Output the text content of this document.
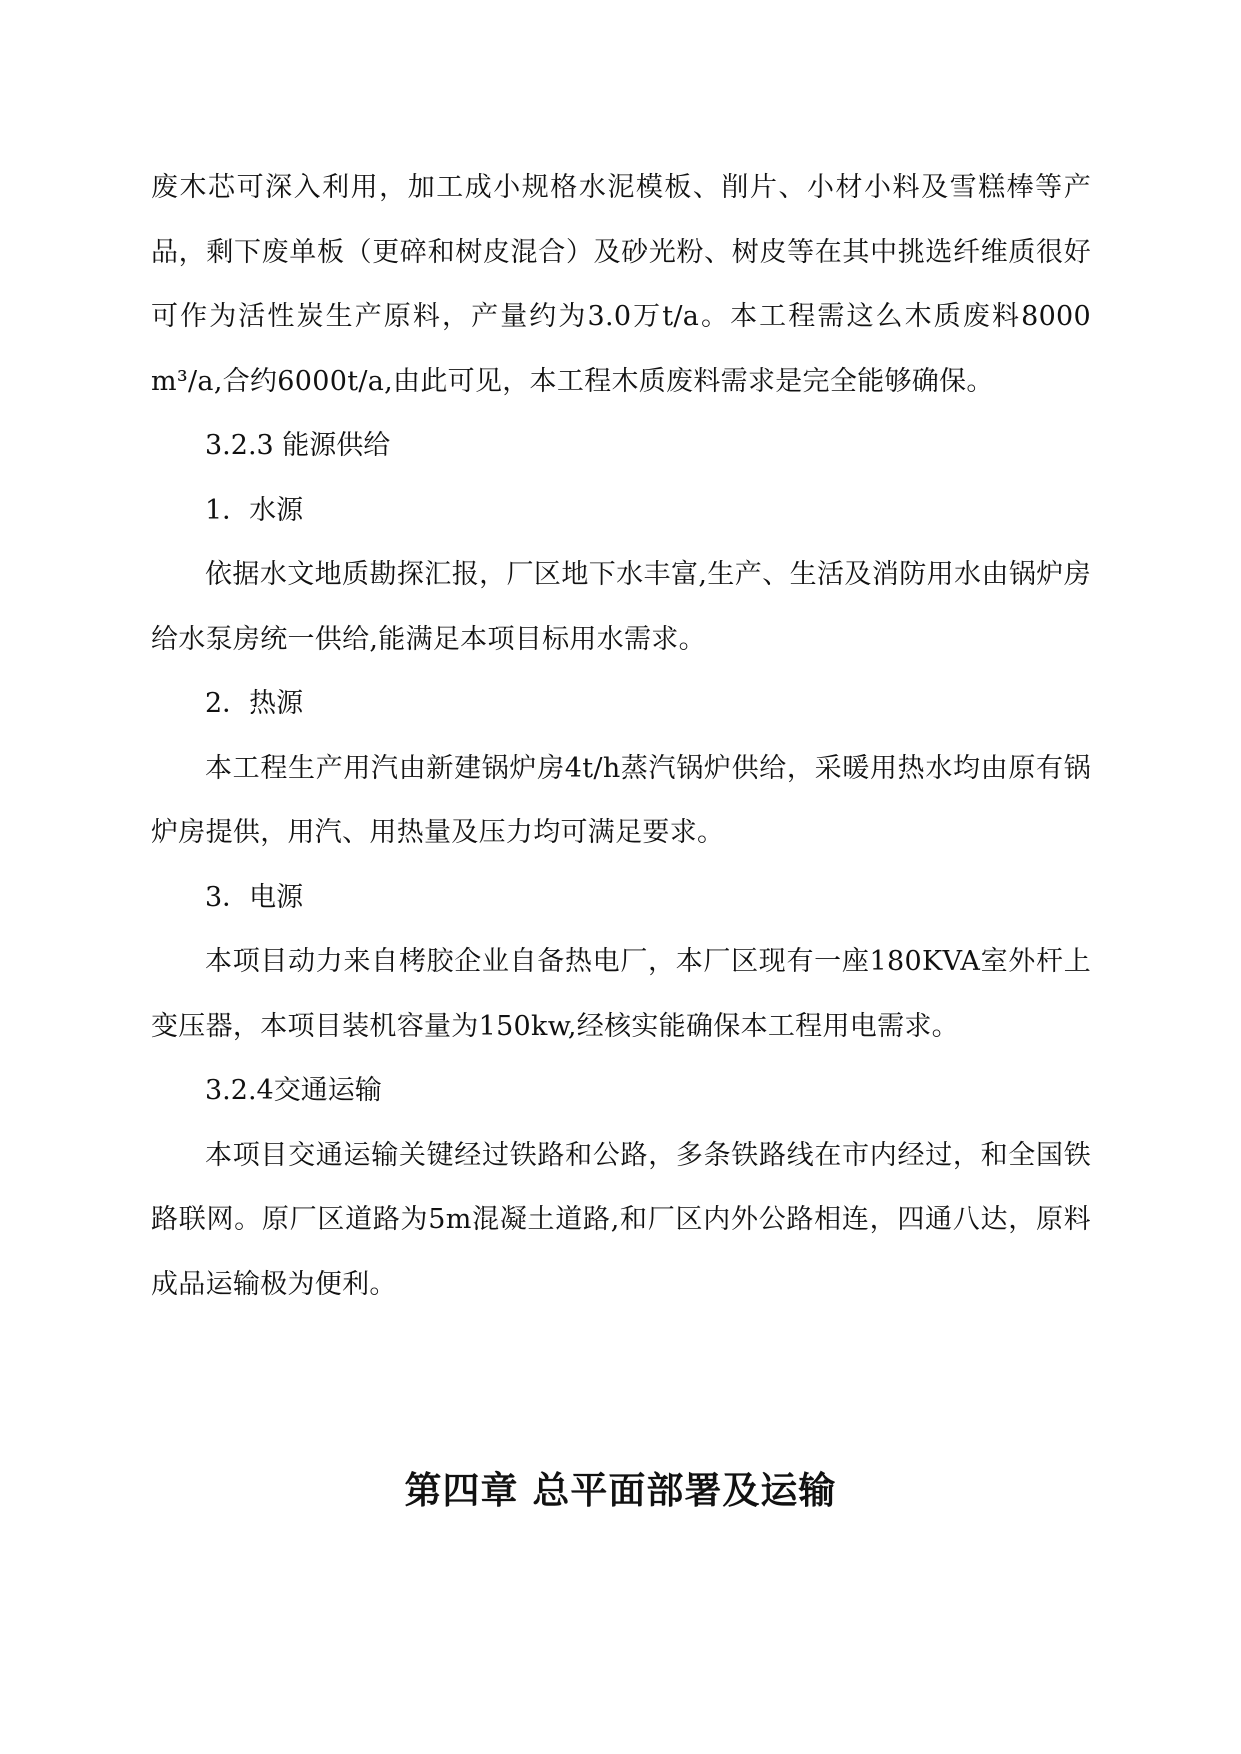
废木芯可深入利用，加工成小规格水泥模板、削片、小材小料及雪糕棒等产品，剩下废单板（更碎和树皮混合）及砂光粉、树皮等在其中挑选纤维质很好可作为活性炭生产原料，产量约为3.0万t/a。本工程需这么木质废料8000 m³/a,合约6000t/a,由此可见，本工程木质废料需求是完全能够确保。

3.2.3 能源供给

1．水源

依据水文地质勘探汇报，厂区地下水丰富,生产、生活及消防用水由锅炉房给水泵房统一供给,能满足本项目标用水需求。

2．热源

本工程生产用汽由新建锅炉房4t/h蒸汽锅炉供给，采暖用热水均由原有锅炉房提供，用汽、用热量及压力均可满足要求。

3．电源

本项目动力来自栲胶企业自备热电厂，本厂区现有一座180KVA室外杆上变压器，本项目装机容量为150kw,经核实能确保本工程用电需求。

3.2.4交通运输

本项目交通运输关键经过铁路和公路，多条铁路线在市内经过，和全国铁路联网。原厂区道路为5m混凝土道路,和厂区内外公路相连，四通八达，原料成品运输极为便利。

第四章 总平面部署及运输
